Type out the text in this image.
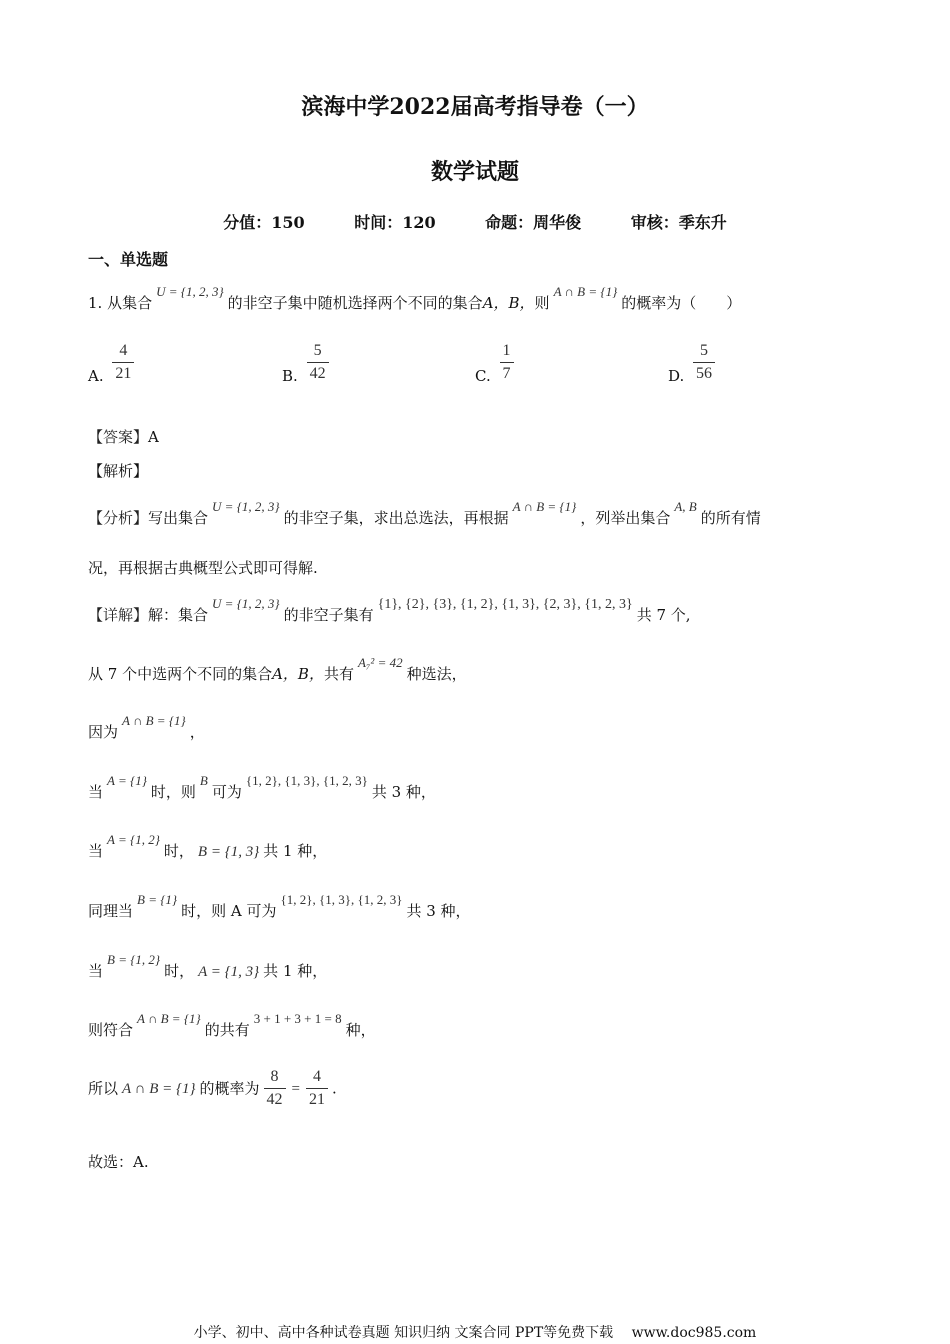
滨海中学2022届高考指导卷（一）
数学试题
分值：150	时间：120	命题：周华俊	审核：季东升
一、单选题
1. 从集合U = {1, 2, 3}的非空子集中随机选择两个不同的集合A，B，则A ∩ B = {1}的概率为（　　）
A. $\frac{4}{21}$	B. $\frac{5}{42}$	C. $\frac{1}{7}$	D. $\frac{5}{56}$
【答案】A
【解析】
【分析】写出集合U = {1, 2, 3}的非空子集，求出总选法，再根据A ∩ B = {1}，列举出集合A, B的所有情
况，再根据古典概型公式即可得解.
【详解】解：集合U = {1, 2, 3}的非空子集有{1}, {2}, {3}, {1, 2}, {1, 3}, {2, 3}, {1, 2, 3}共 7 个,
从 7 个中选两个不同的集合A，B，共有A₇² = 42种选法，
因为A ∩ B = {1}，
当A = {1}时，则B可为{1, 2}, {1, 3}, {1, 2, 3}共 3 种，
当A = {1, 2}时， B = {1, 3} 共 1 种，
同理当B = {1}时，则 A 可为{1, 2}, {1, 3}, {1, 2, 3}共 3 种，
当B = {1, 2}时， A = {1, 3} 共 1 种，
则符合A ∩ B = {1}的共有3 + 1 + 3 + 1 = 8种，
所以 A ∩ B = {1} 的概率为 $\frac{8}{42} = \frac{4}{21}$ .
故选：A.
小学、初中、高中各种试卷真题 知识归纳 文案合同 PPT等免费下载　 www.doc985.com
